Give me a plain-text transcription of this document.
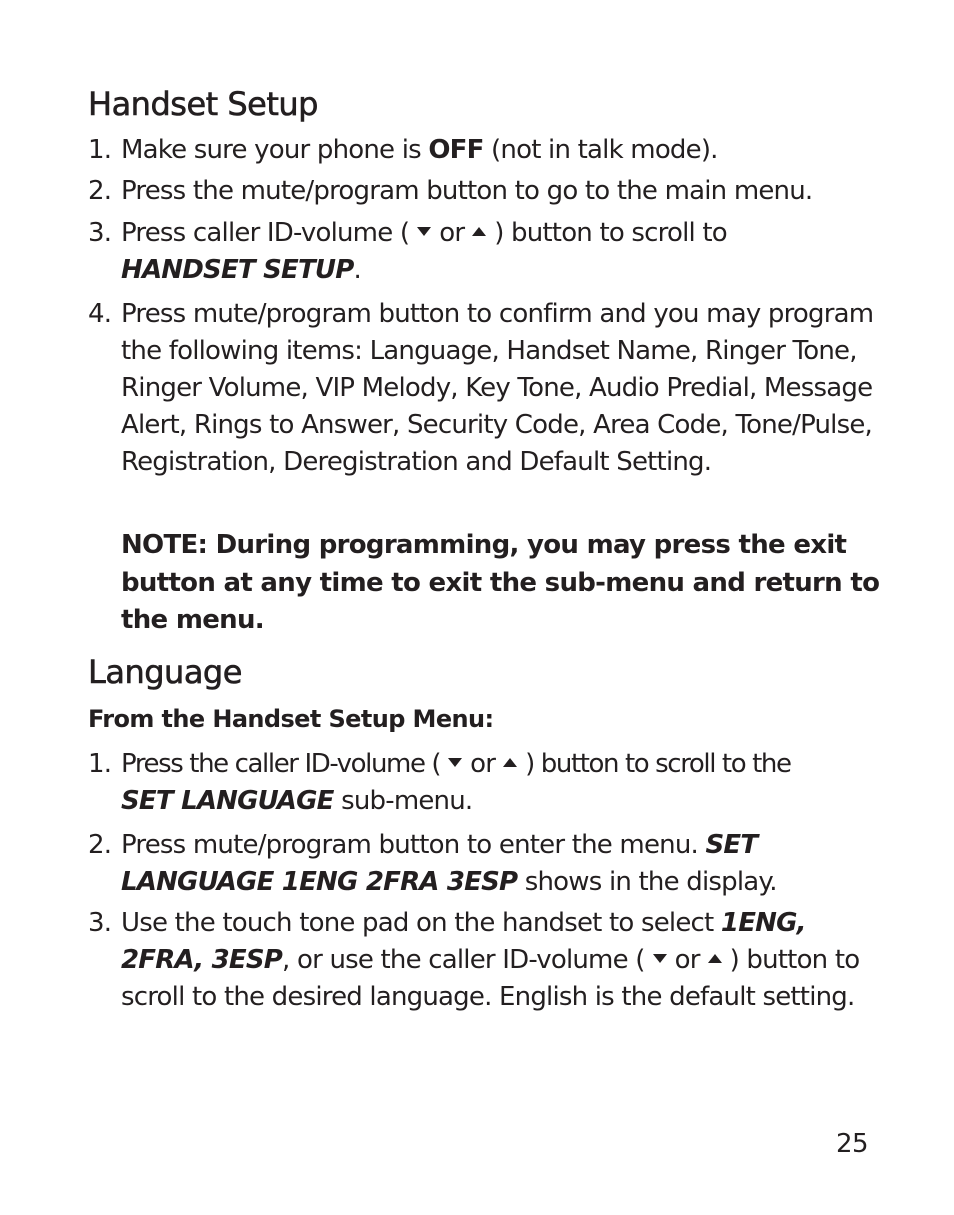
Handset Setup
1. Make sure your phone is OFF (not in talk mode).
2. Press the mute/program button to go to the main menu.
3. Press caller ID-volume ( or ) button to scroll to
HANDSET SETUP.
4. Press mute/program button to confirm and you may program the following items: Language, Handset Name, Ringer Tone, Ringer Volume, VIP Melody, Key Tone, Audio Predial, Message Alert, Rings to Answer, Security Code, Area Code, Tone/Pulse, Registration, Deregistration and Default Setting.
NOTE: During programming, you may press the exit button at any time to exit the sub-menu and return to the menu.
Language
From the Handset Setup Menu:
1. Press the caller ID-volume ( or ) button to scroll to the
SET LANGUAGE sub-menu.
2. Press mute/program button to enter the menu. SET LANGUAGE 1ENG 2FRA 3ESP shows in the display.
3. Use the touch tone pad on the handset to select 1ENG, 2FRA, 3ESP, or use the caller ID-volume ( or ) button to scroll to the desired language. English is the default setting.
25
